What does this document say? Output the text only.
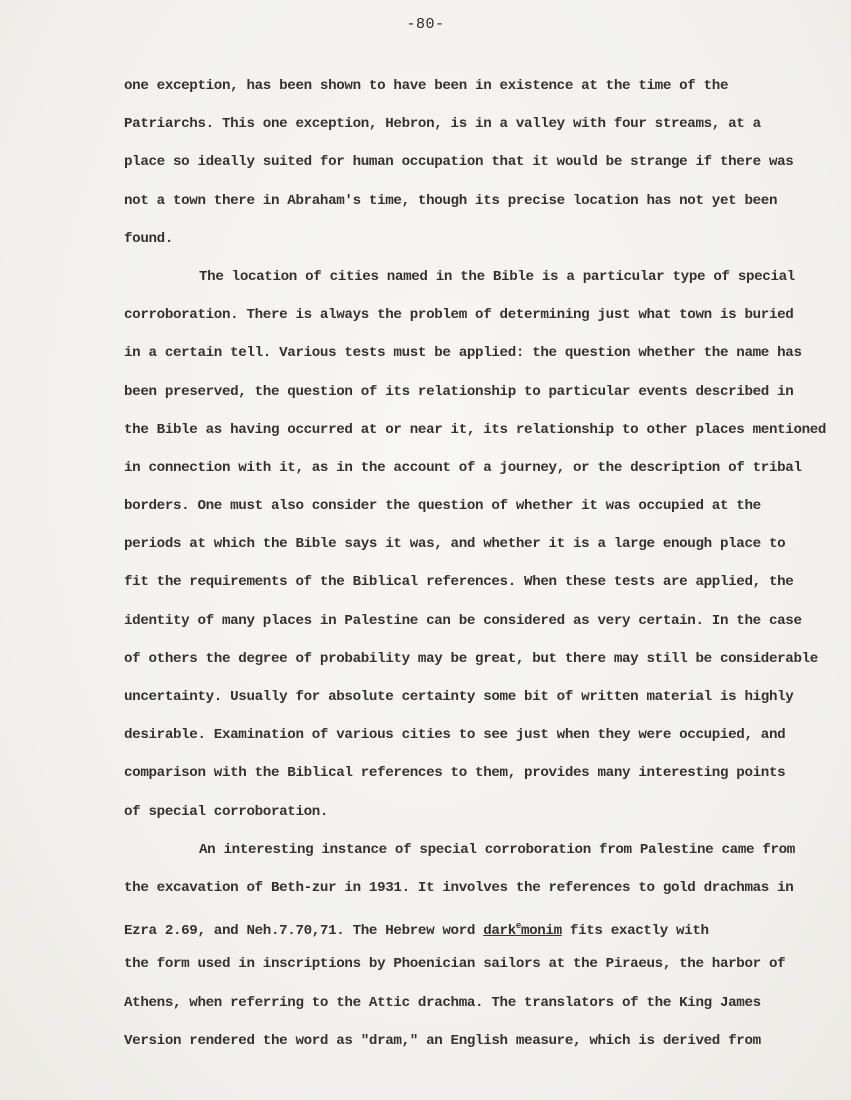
-80-
one exception, has been shown to have been in existence at the time of the
Patriarchs. This one exception, Hebron, is in a valley with four streams, at a
place so ideally suited for human occupation that it would be strange if there was
not a town there in Abraham's time, though its precise location has not yet been
found.
The location of cities named in the Bible is a particular type of special
corroboration. There is always the problem of determining just what town is buried
in a certain tell. Various tests must be applied: the question whether the name has
been preserved, the question of its relationship to particular events described in
the Bible as having occurred at or near it, its relationship to other places mentioned
in connection with it, as in the account of a journey, or the description of tribal
borders. One must also consider the question of whether it was occupied at the
periods at which the Bible says it was, and whether it is a large enough place to
fit the requirements of the Biblical references. When these tests are applied, the
identity of many places in Palestine can be considered as very certain. In the case
of others the degree of probability may be great, but there may still be considerable
uncertainty. Usually for absolute certainty some bit of written material is highly
desirable. Examination of various cities to see just when they were occupied, and
comparison with the Biblical references to them, provides many interesting points
of special corroboration.
An interesting instance of special corroboration from Palestine came from
the excavation of Beth-zur in 1931. It involves the references to gold drachmas in
Ezra 2.69, and Neh.7.70,71. The Hebrew word dark$^e$monim fits exactly with
the form used in inscriptions by Phoenician sailors at the Piraeus, the harbor of
Athens, when referring to the Attic drachma. The translators of the King James
Version rendered the word as "dram," an English measure, which is derived from
